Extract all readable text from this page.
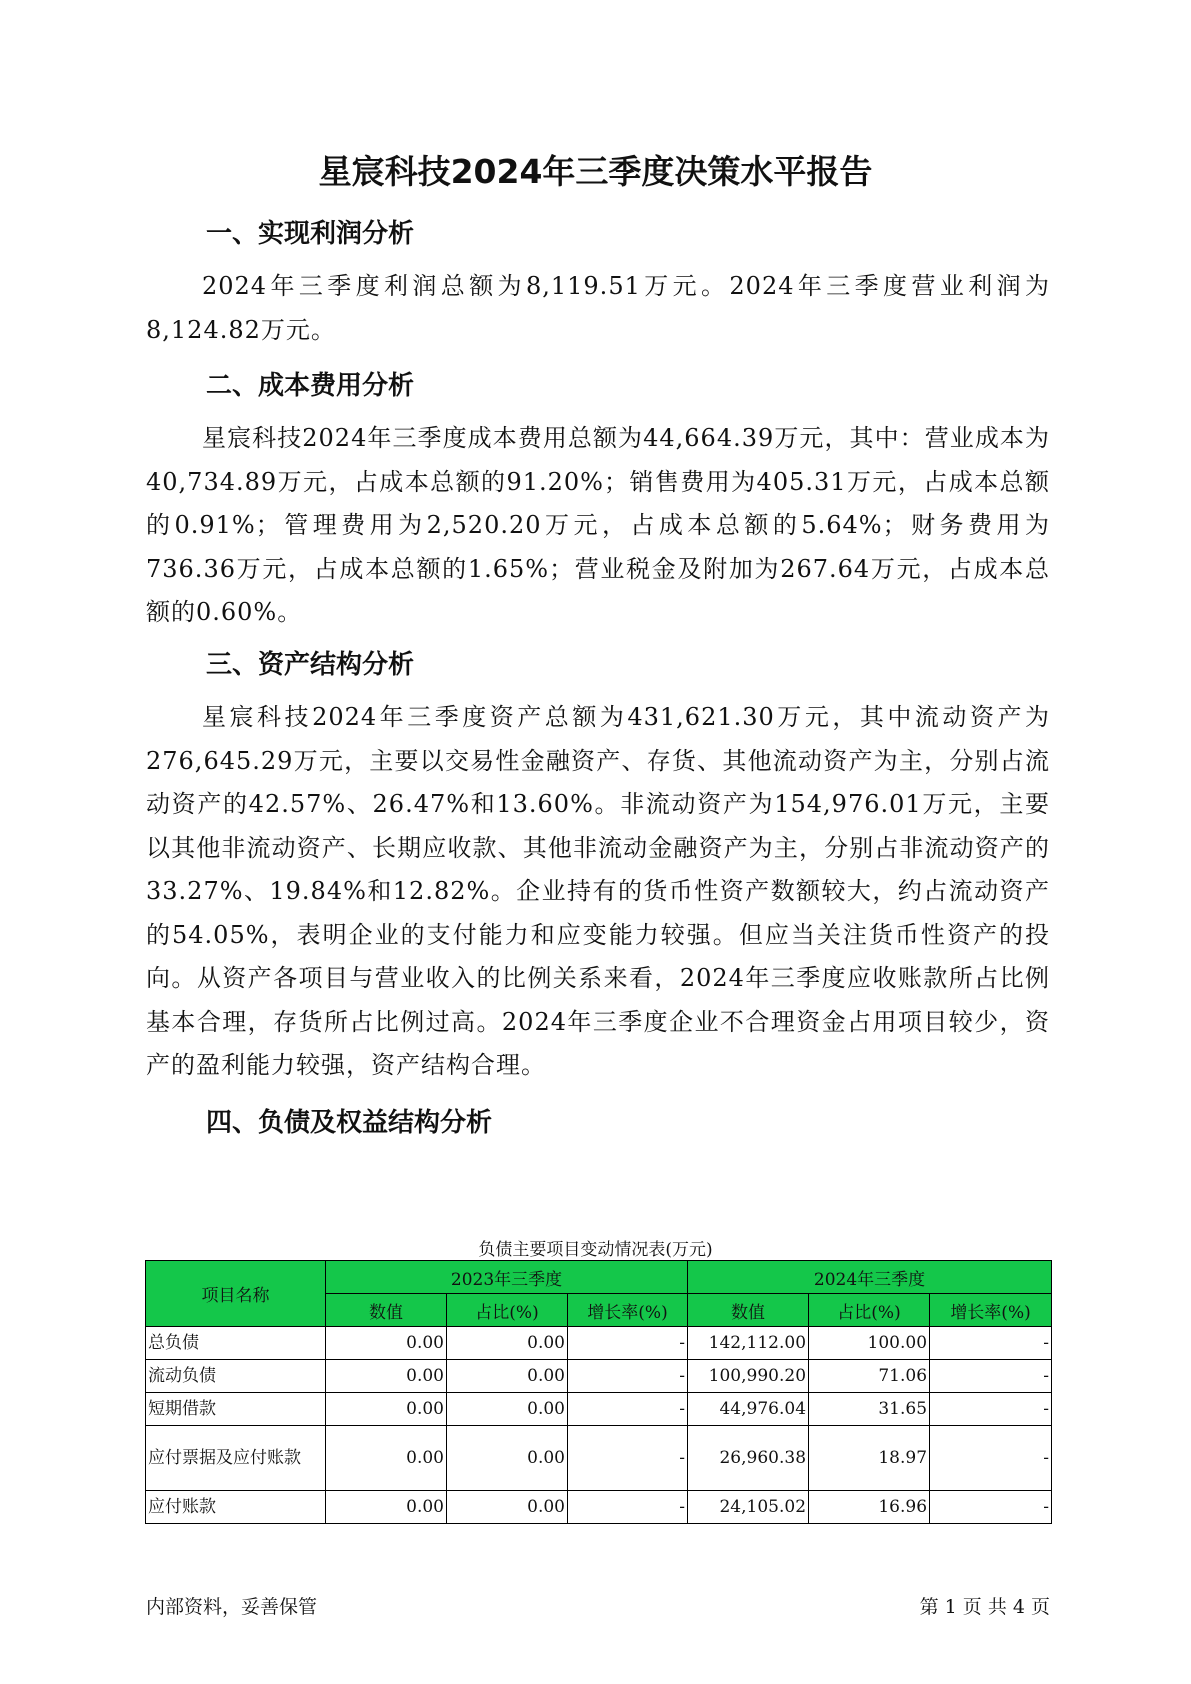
星宸科技2024年三季度决策水平报告
一、实现利润分析

2024年三季度利润总额为8,119.51万元。2024年三季度营业利润为8,124.82万元。

二、成本费用分析

星宸科技2024年三季度成本费用总额为44,664.39万元，其中：营业成本为40,734.89万元，占成本总额的91.20%；销售费用为405.31万元，占成本总额的0.91%；管理费用为2,520.20万元，占成本总额的5.64%；财务费用为736.36万元，占成本总额的1.65%；营业税金及附加为267.64万元，占成本总额的0.60%。

三、资产结构分析

星宸科技2024年三季度资产总额为431,621.30万元，其中流动资产为276,645.29万元，主要以交易性金融资产、存货、其他流动资产为主，分别占流动资产的42.57%、26.47%和13.60%。非流动资产为154,976.01万元，主要以其他非流动资产、长期应收款、其他非流动金融资产为主，分别占非流动资产的33.27%、19.84%和12.82%。企业持有的货币性资产数额较大，约占流动资产的54.05%，表明企业的支付能力和应变能力较强。但应当关注货币性资产的投向。从资产各项目与营业收入的比例关系来看，2024年三季度应收账款所占比例基本合理，存货所占比例过高。2024年三季度企业不合理资金占用项目较少，资产的盈利能力较强，资产结构合理。

四、负债及权益结构分析

负债主要项目变动情况表(万元)

项目名称	2023年三季度			2024年三季度		
	数值	占比(%)	增长率(%)	数值	占比(%)	增长率(%)
总负债	0.00	0.00	-	142,112.00	100.00	-
流动负债	0.00	0.00	-	100,990.20	71.06	-
短期借款	0.00	0.00	-	44,976.04	31.65	-
应付票据及应付账款	0.00	0.00	-	26,960.38	18.97	-
应付账款	0.00	0.00	-	24,105.02	16.96	-

内部资料，妥善保管	第 1 页 共 4 页
